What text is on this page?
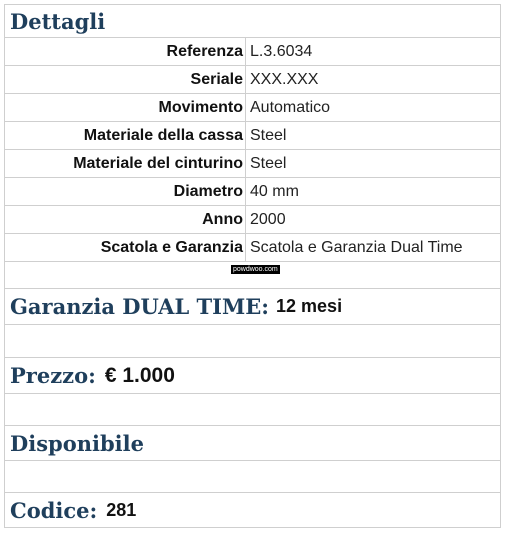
Dettagli
Referenza L.3.6034
Seriale XXX.XXX
Movimento Automatico
Materiale della cassa Steel
Materiale del cinturino Steel
Diametro 40 mm
Anno 2000
Scatola e Garanzia Scatola e Garanzia Dual Time
powdwoo.com
Garanzia DUAL TIME: 12 mesi
Prezzo: € 1.000
Disponibile
Codice: 281
